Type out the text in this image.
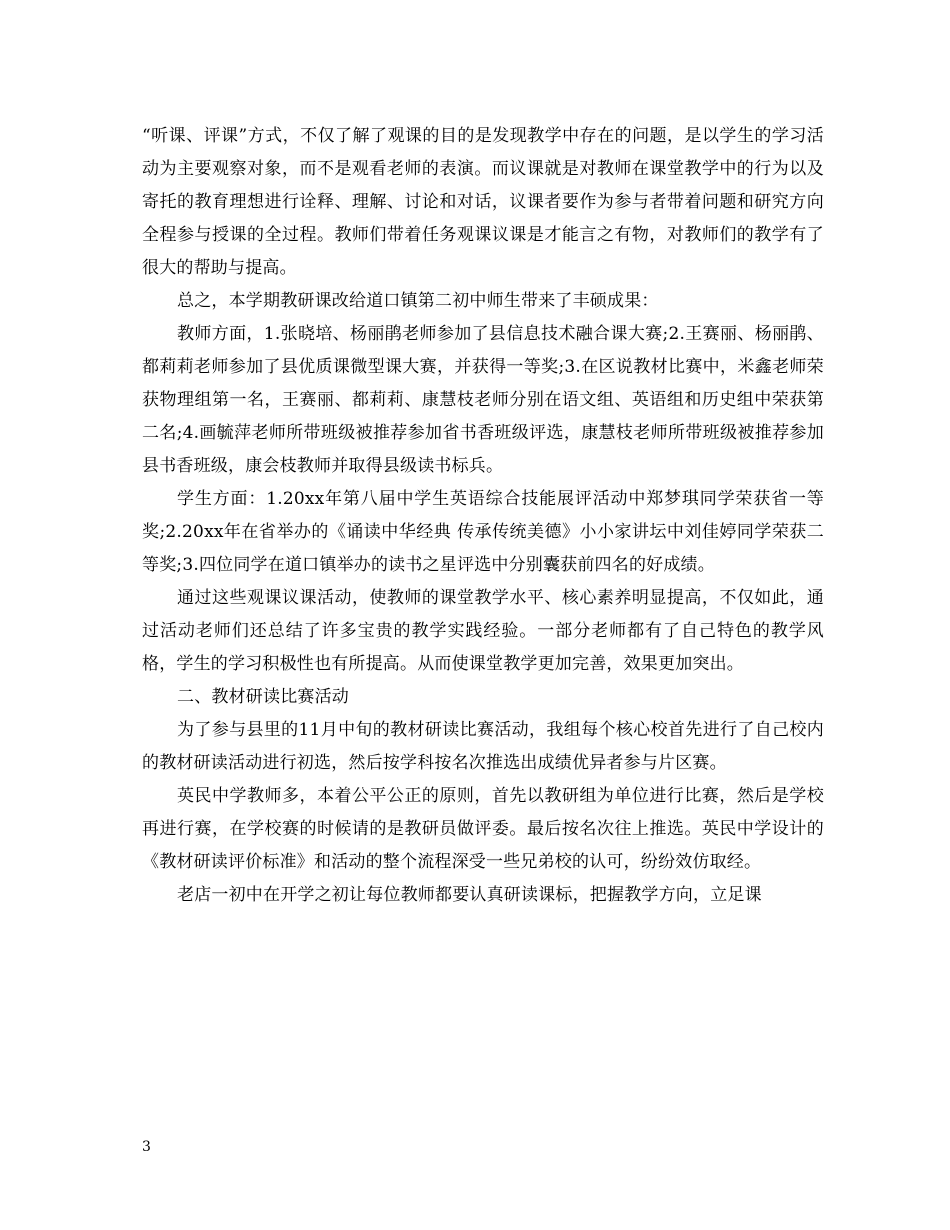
“听课、评课”方式，不仅了解了观课的目的是发现教学中存在的问题，是以学生的学习活动为主要观察对象，而不是观看老师的表演。而议课就是对教师在课堂教学中的行为以及寄托的教育理想进行诠释、理解、讨论和对话，议课者要作为参与者带着问题和研究方向全程参与授课的全过程。教师们带着任务观课议课是才能言之有物，对教师们的教学有了很大的帮助与提高。

总之，本学期教研课改给道口镇第二初中师生带来了丰硕成果：

教师方面，1.张晓培、杨丽鹃老师参加了县信息技术融合课大赛;2.王赛丽、杨丽鹃、都莉莉老师参加了县优质课微型课大赛，并获得一等奖;3.在区说教材比赛中，米鑫老师荣获物理组第一名，王赛丽、都莉莉、康慧枝老师分别在语文组、英语组和历史组中荣获第二名;4.画毓萍老师所带班级被推荐参加省书香班级评选，康慧枝老师所带班级被推荐参加县书香班级，康会枝教师并取得县级读书标兵。

学生方面：1.20xx年第八届中学生英语综合技能展评活动中郑梦琪同学荣获省一等奖;2.20xx年在省举办的《诵读中华经典 传承传统美德》小小家讲坛中刘佳婷同学荣获二等奖;3.四位同学在道口镇举办的读书之星评选中分别囊获前四名的好成绩。

通过这些观课议课活动，使教师的课堂教学水平、核心素养明显提高，不仅如此，通过活动老师们还总结了许多宝贵的教学实践经验。一部分老师都有了自己特色的教学风格，学生的学习积极性也有所提高。从而使课堂教学更加完善，效果更加突出。

二、教材研读比赛活动

为了参与县里的11月中旬的教材研读比赛活动，我组每个核心校首先进行了自己校内的教材研读活动进行初选，然后按学科按名次推选出成绩优异者参与片区赛。

英民中学教师多，本着公平公正的原则，首先以教研组为单位进行比赛，然后是学校再进行赛，在学校赛的时候请的是教研员做评委。最后按名次往上推选。英民中学设计的《教材研读评价标准》和活动的整个流程深受一些兄弟校的认可，纷纷效仿取经。

老店一初中在开学之初让每位教师都要认真研读课标，把握教学方向，立足课

3
